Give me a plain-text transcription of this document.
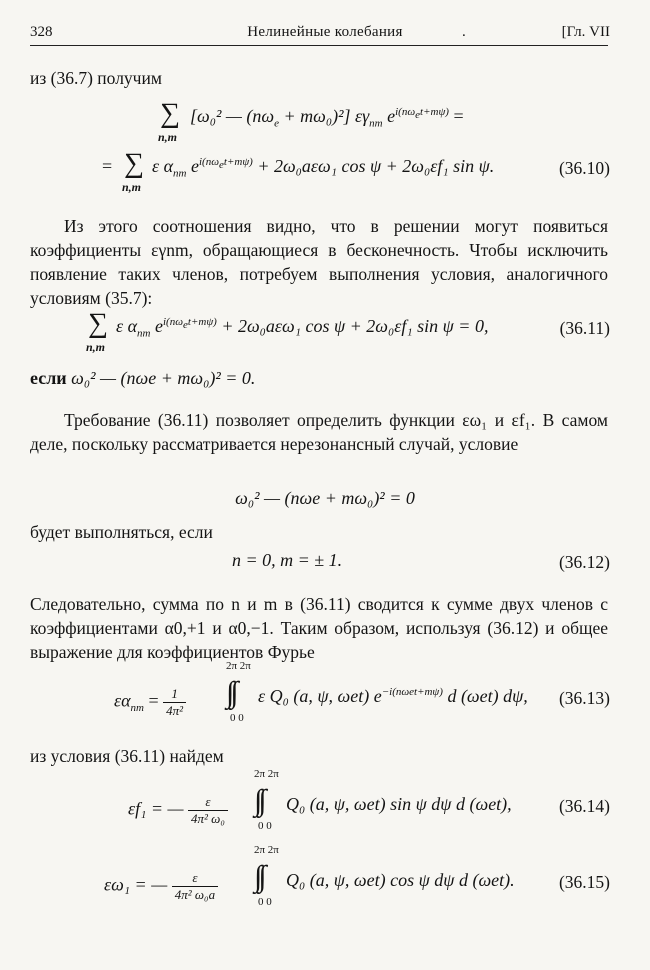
328	Нелинейные колебания	.	[Гл. VII
из (36.7) получим
∑
n,m
[ω₀² — $(n\omega_e + m\omega_0)^2$] $\varepsilon\gamma_{nm}$ $e^{i(n\omega_et+m\psi)}$ =
= ∑
n,m
ε $\alpha_{nm}$ $e^{i(n\omega_et+m\psi)} + 2\omega_0a\varepsilon\omega_1$ cos ψ + 2ω₀εf₁ sin ψ.	(36.10)
Из этого соотношения видно, что в решении могут появиться коэффициенты εγnm, обращающиеся в бесконечность. Чтобы исключить появление таких членов, потребуем выполнения условия, аналогичного условиям (35.7):
∑
n,m
ε $\alpha_{nm}$ $e^{i(n\omega_et+m\psi)} + 2\omega_0a\varepsilon\omega_1$ cos ψ + 2ω₀εf₁ sin ψ = 0,	(36.11)
если ω₀² — (nωe + mω₀)² = 0.
Требование (36.11) позволяет определить функции εω₁ и εf₁. В самом деле, поскольку рассматривается нерезонансный случай, условие
ω₀² — (nωe + mω₀)² = 0
будет выполняться, если
n = 0, m = ± 1.	(36.12)
Следовательно, сумма по n и m в (36.11) сводится к сумме двух членов с коэффициентами α0,+1 и α0,−1. Таким образом, используя (36.12) и общее выражение для коэффициентов Фурье
$\varepsilon\alpha_{nm} = \frac{1}{\text{4π²}}$ ∫∫
2π 2π
0 0
ε Q₀ (a, ψ, ωet) $e^{-i(n\omega et+m\psi)}$ d (ωet) dψ, (36.13)
из условия (36.11) найдем
εf₁ = — $\frac{\varepsilon}{\text{4π² ω₀}}$ ∫∫
2π 2π
0 0
Q₀ (a, ψ, ωet) sin ψ dψ d (ωet),	(36.14)
εω₁ = — $\frac{\varepsilon}{\text{4π² ω₀a}}$ ∫∫
2π 2π
0 0
Q₀ (a, ψ, ωet) cos ψ dψ d (ωet).	(36.15)
